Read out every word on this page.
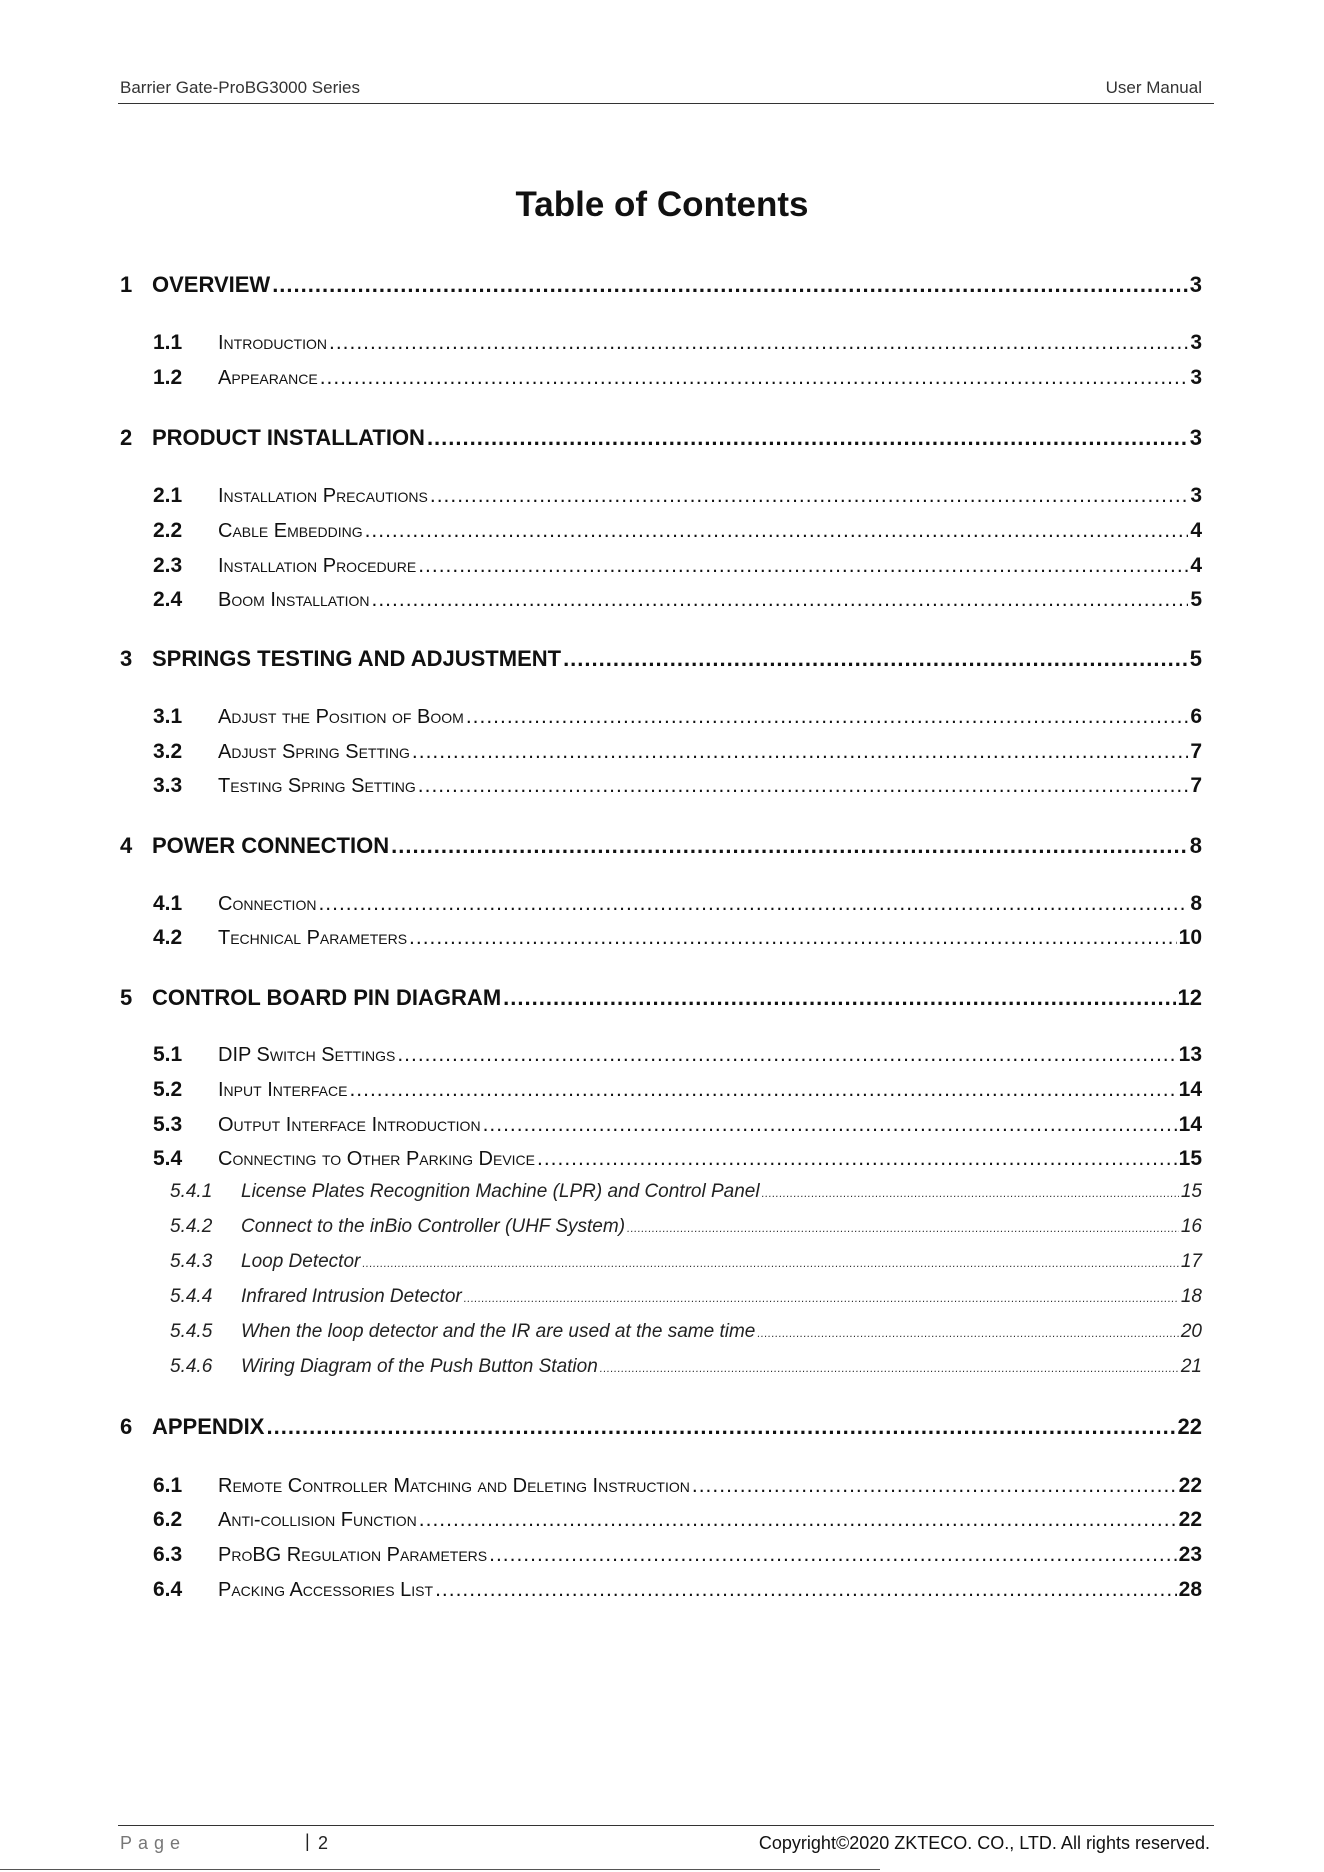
Barrier Gate-ProBG3000 Series	User Manual
Table of Contents
1 OVERVIEW .....	3
1.1 Introduction .....	3
1.2 Appearance .....	3
2 PRODUCT INSTALLATION .....	3
2.1 Installation Precautions .....	3
2.2 Cable Embedding .....	4
2.3 Installation Procedure .....	4
2.4 Boom Installation .....	5
3 SPRINGS TESTING AND ADJUSTMENT .....	5
3.1 Adjust the Position of Boom .....	6
3.2 Adjust Spring Setting .....	7
3.3 Testing Spring Setting .....	7
4 POWER CONNECTION .....	8
4.1 Connection .....	8
4.2 Technical Parameters .....	10
5 CONTROL BOARD PIN DIAGRAM .....	12
5.1 DIP Switch Settings .....	13
5.2 Input Interface .....	14
5.3 Output Interface Introduction .....	14
5.4 Connecting to Other Parking Device .....	15
5.4.1 License Plates Recognition Machine (LPR) and Control Panel .....	15
5.4.2 Connect to the inBio Controller (UHF System) .....	16
5.4.3 Loop Detector .....	17
5.4.4 Infrared Intrusion Detector .....	18
5.4.5 When the loop detector and the IR are used at the same time .....	20
5.4.6 Wiring Diagram of the Push Button Station .....	21
6 APPENDIX .....	22
6.1 Remote Controller Matching and Deleting Instruction .....	22
6.2 Anti-collision Function .....	22
6.3 ProBG Regulation Parameters .....	23
6.4 Packing Accessories List .....	28
Page	| 2	Copyright©2020 ZKTECO. CO., LTD. All rights reserved.
